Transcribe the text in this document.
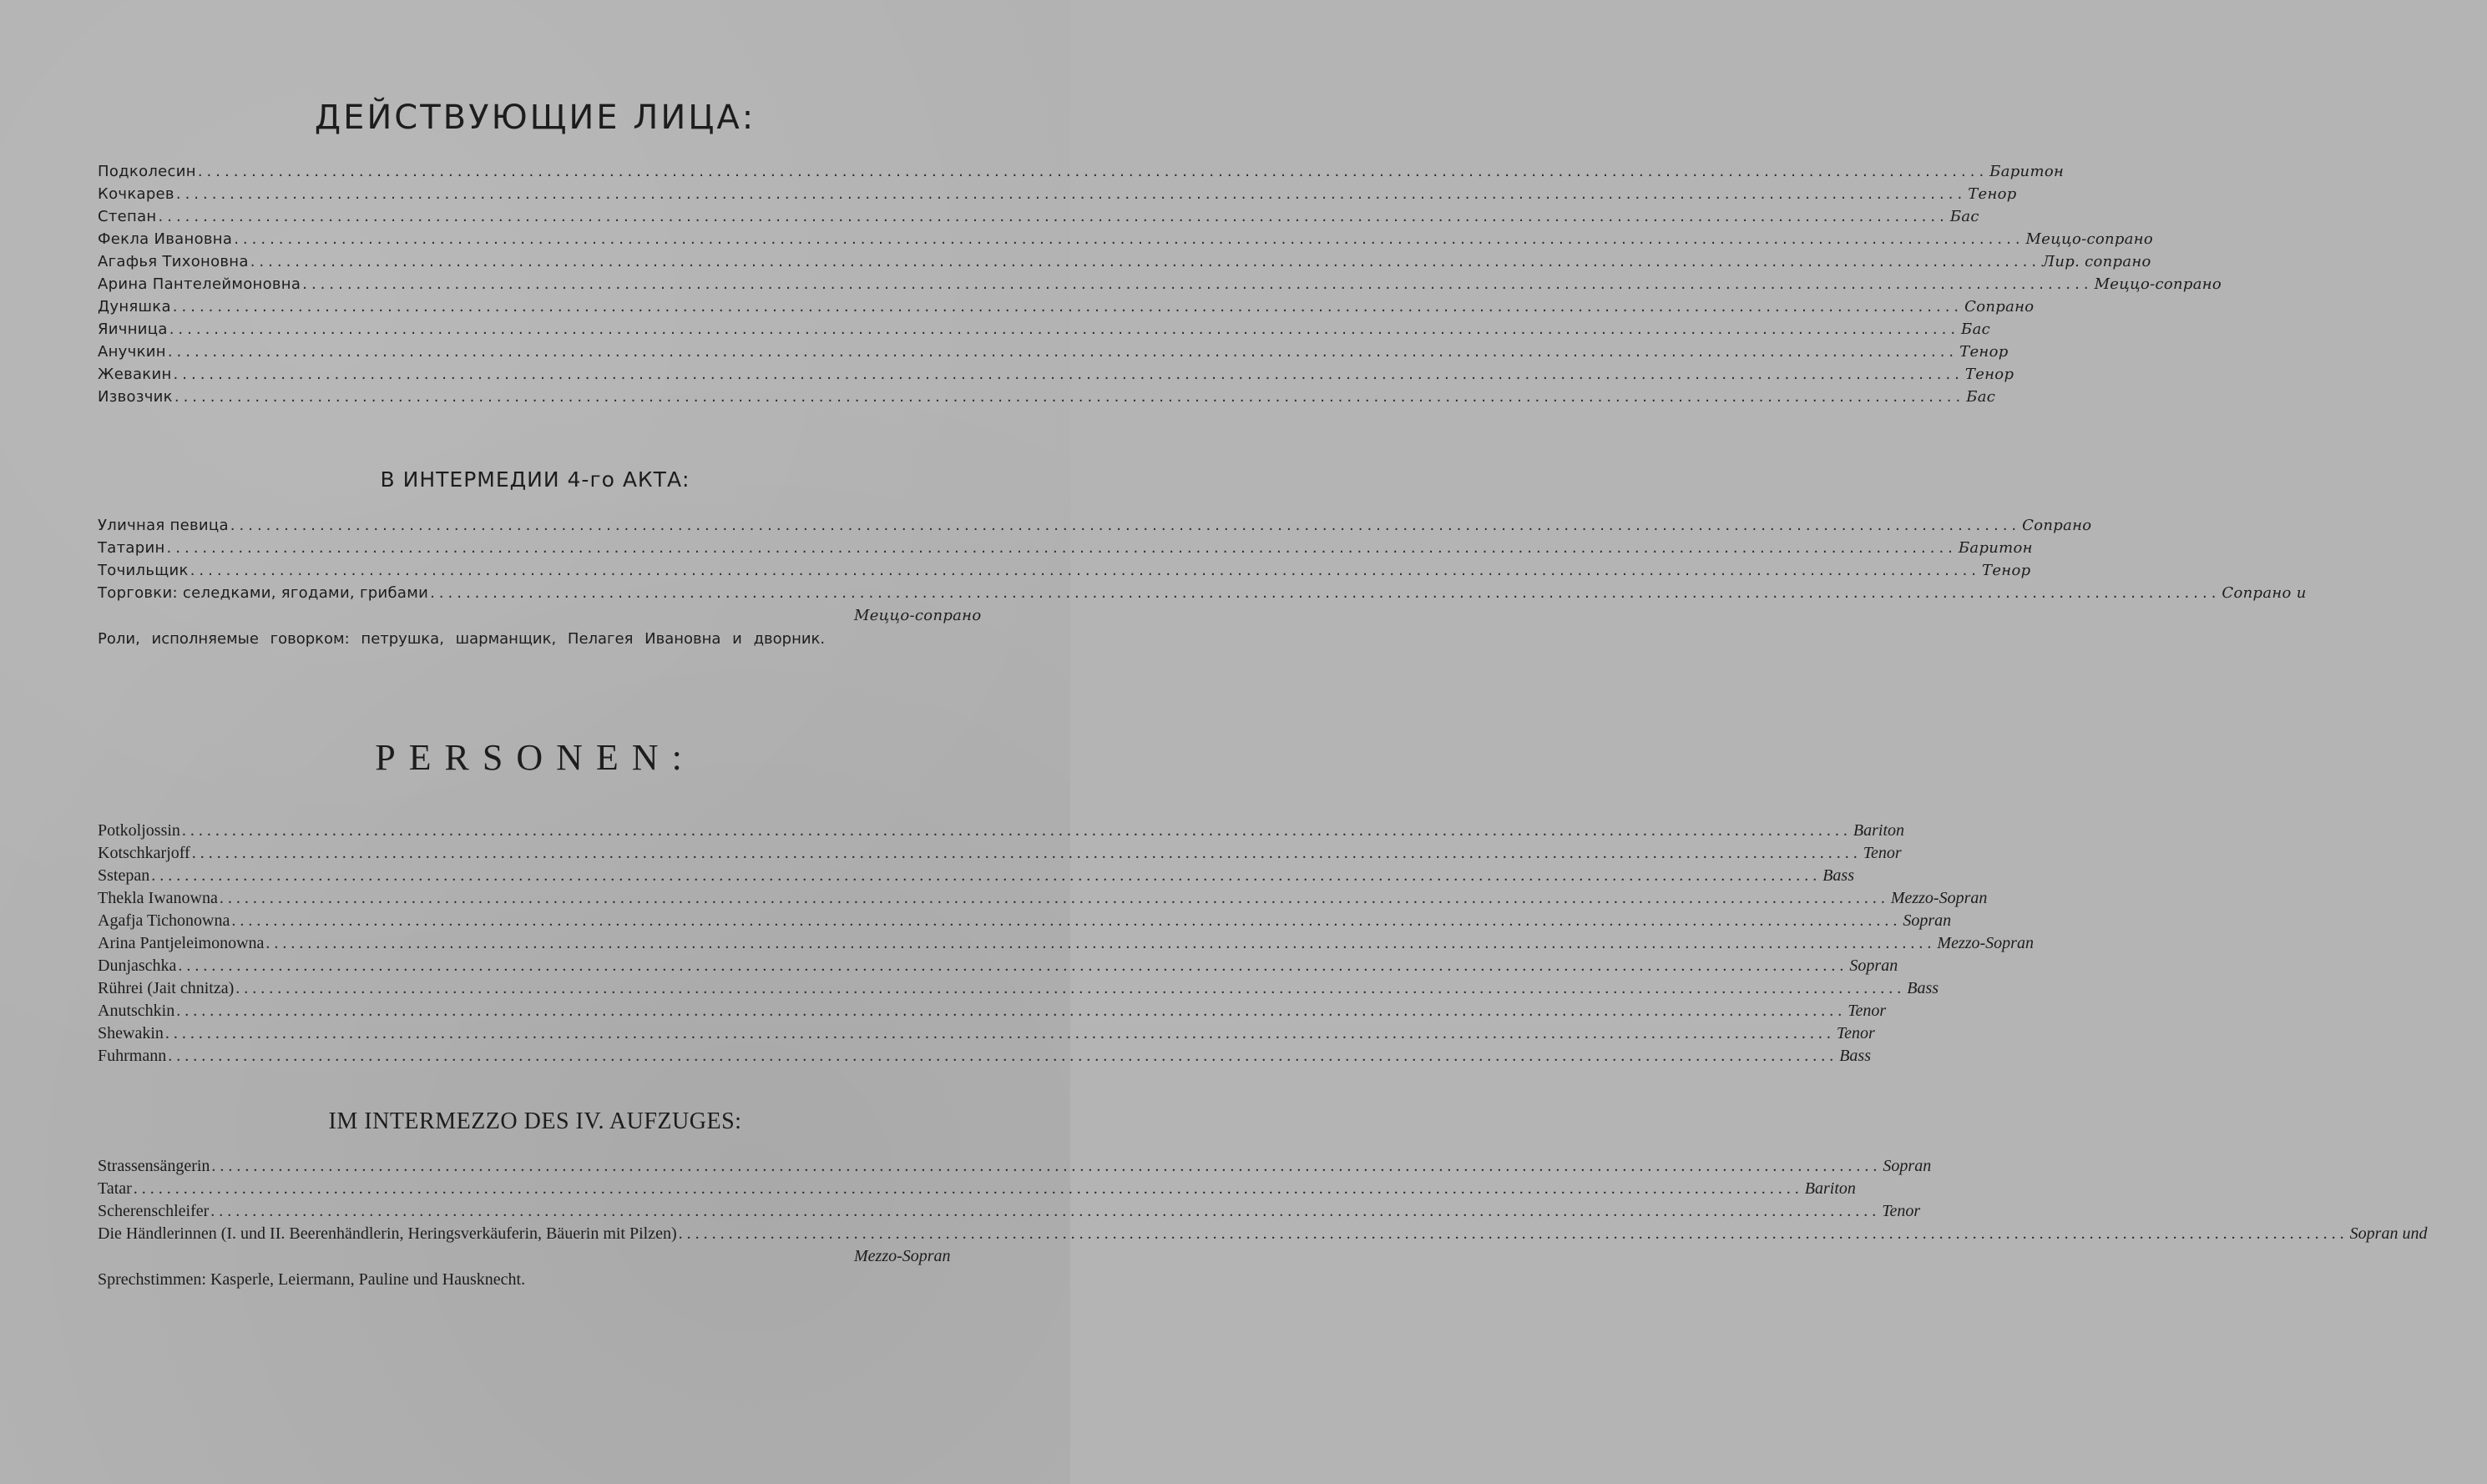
ДЕЙСТВУЮЩИЕ ЛИЦА:
Подколесин ........................................................................................................................................................................................................ Баритон
Кочкарев ........................................................................................................................................................................................................ Тенор
Степан ........................................................................................................................................................................................................ Бас
Фекла Ивановна ........................................................................................................................................................................................................ Меццо-сопрано
Агафья Тихоновна ........................................................................................................................................................................................................ Лир. сопрано
Арина Пантелеймоновна ........................................................................................................................................................................................................ Меццо-сопрано
Дуняшка ........................................................................................................................................................................................................ Сопрано
Яичница ........................................................................................................................................................................................................ Бас
Анучкин ........................................................................................................................................................................................................ Тенор
Жевакин ........................................................................................................................................................................................................ Тенор
Извозчик ........................................................................................................................................................................................................ Бас
В ИНТЕРМЕДИИ 4-го АКТА:
Уличная певица ........................................................................................................................................................................................................ Сопрано
Татарин ........................................................................................................................................................................................................ Баритон
Точильщик ........................................................................................................................................................................................................ Тенор
Торговки: селедками, ягодами, грибами ........................................................................................................................................................................................................ Сопрано и
Меццо-сопрано

Роли, исполняемые говорком: петрушка, шарманщик, Пелагея Ивановна и дворник.

PERSONEN:
Potkoljossin ........................................................................................................................................................................................................ Bariton
Kotschkarjoff ........................................................................................................................................................................................................ Tenor
Sstepan ........................................................................................................................................................................................................ Bass
Thekla Iwanowna ........................................................................................................................................................................................................ Mezzo-Sopran
Agafja Tichonowna ........................................................................................................................................................................................................ Sopran
Arina Pantjeleimonowna ........................................................................................................................................................................................................ Mezzo-Sopran
Dunjaschka ........................................................................................................................................................................................................ Sopran
Rührei (Jait chnitza) ........................................................................................................................................................................................................ Bass
Anutschkin ........................................................................................................................................................................................................ Tenor
Shewakin ........................................................................................................................................................................................................ Tenor
Fuhrmann ........................................................................................................................................................................................................ Bass
IM INTERMEZZO DES IV. AUFZUGES:
Strassensängerin ........................................................................................................................................................................................................ Sopran
Tatar ........................................................................................................................................................................................................ Bariton
Scherenschleifer ........................................................................................................................................................................................................ Tenor
Die Händlerinnen (I. und II. Beerenhändlerin, Heringsverkäuferin, Bäuerin mit Pilzen) ........................................................................................................................................................................................................ Sopran und
Mezzo-Sopran

Sprechstimmen: Kasperle, Leiermann, Pauline und Hausknecht.
